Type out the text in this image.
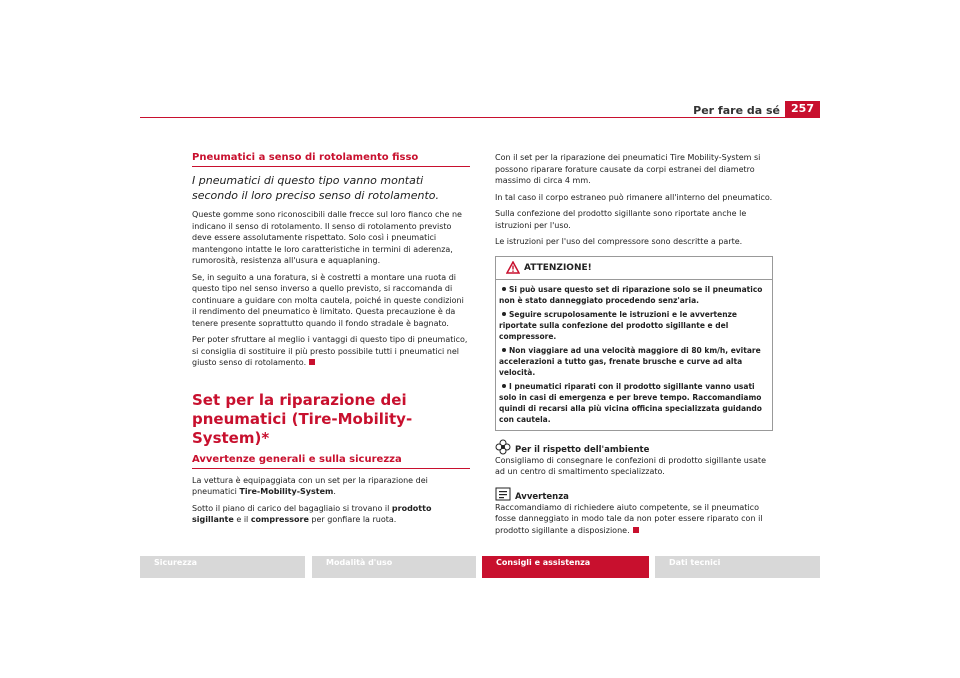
Per fare da sé	257
Pneumatici a senso di rotolamento fisso

I pneumatici di questo tipo vanno montati secondo il loro preciso senso di rotolamento.

Queste gomme sono riconoscibili dalle frecce sul loro fianco che ne indicano il senso di rotolamento. Il senso di rotolamento previsto deve essere assolutamente rispettato. Solo così i pneumatici mantengono intatte le loro caratteristiche in termini di aderenza, rumorosità, resistenza all'usura e aquaplaning.

Se, in seguito a una foratura, si è costretti a montare una ruota di questo tipo nel senso inverso a quello previsto, si raccomanda di continuare a guidare con molta cautela, poiché in queste condizioni il rendimento del pneumatico è limitato. Questa precauzione è da tenere presente soprattutto quando il fondo stradale è bagnato.

Per poter sfruttare al meglio i vantaggi di questo tipo di pneumatico, si consiglia di sostituire il più presto possibile tutti i pneumatici nel giusto senso di rotolamento.

Set per la riparazione dei pneumatici (Tire-Mobility-System)*
Avvertenze generali e sulla sicurezza

La vettura è equipaggiata con un set per la riparazione dei pneumatici Tire-Mobility-System.

Sotto il piano di carico del bagagliaio si trovano il prodotto sigillante e il compressore per gonfiare la ruota.

Con il set per la riparazione dei pneumatici Tire Mobility-System si possono riparare forature causate da corpi estranei del diametro massimo di circa 4 mm.

In tal caso il corpo estraneo può rimanere all'interno del pneumatico.

Sulla confezione del prodotto sigillante sono riportate anche le istruzioni per l'uso.

Le istruzioni per l'uso del compressore sono descritte a parte.

ATTENZIONE!

Si può usare questo set di riparazione solo se il pneumatico non è stato danneggiato procedendo senz'aria.

Seguire scrupolosamente le istruzioni e le avvertenze riportate sulla confezione del prodotto sigillante e del compressore.

Non viaggiare ad una velocità maggiore di 80 km/h, evitare accelerazioni a tutto gas, frenate brusche e curve ad alta velocità.

I pneumatici riparati con il prodotto sigillante vanno usati solo in casi di emergenza e per breve tempo. Raccomandiamo quindi di recarsi alla più vicina officina specializzata guidando con cautela.

Per il rispetto dell'ambiente

Consigliamo di consegnare le confezioni di prodotto sigillante usate ad un centro di smaltimento specializzato.

Avvertenza

Raccomandiamo di richiedere aiuto competente, se il pneumatico fosse danneggiato in modo tale da non poter essere riparato con il prodotto sigillante a disposizione.

Sicurezza	Modalità d'uso	Consigli e assistenza	Dati tecnici
